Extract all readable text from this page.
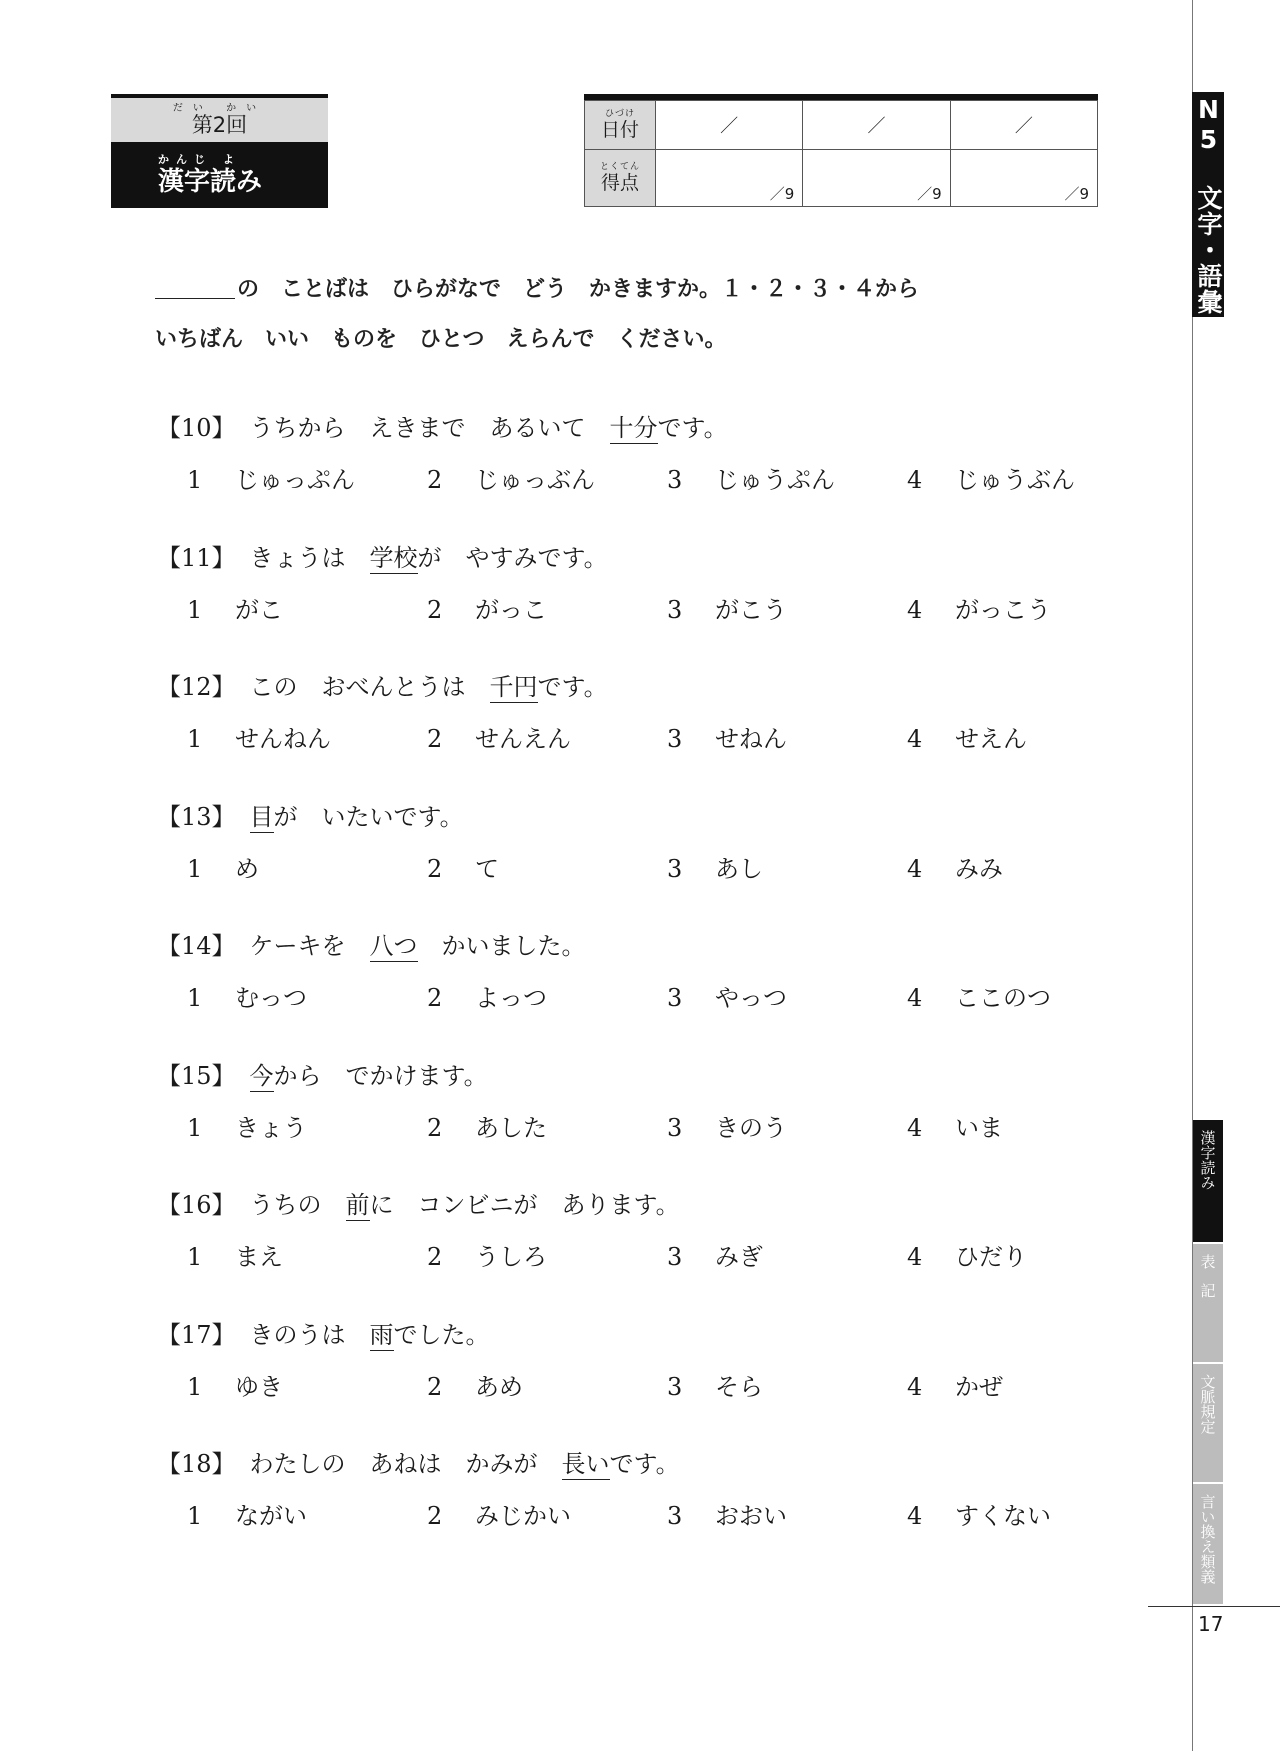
だい かい
第2回
かんじ よ
漢字読み
ひづけ
日付	／	／	／

とくてん
得点	／9	／9	／9
の　ことばは　ひらがなで　どう　かきますか。１・２・３・４から
いちばん　いい　ものを　ひとつ　えらんで　ください。
【10】 うちから　えきまで　あるいて　十分です。
1 じゅっぷん	2 じゅっぶん	3 じゅうぷん	4 じゅうぶん
【11】 きょうは　学校が　やすみです。
1 がこ	2 がっこ	3 がこう	4 がっこう
【12】 この　おべんとうは　千円です。
1 せんねん	2 せんえん	3 せねん	4 せえん
【13】 目が　いたいです。
1 め	2 て	3 あし	4 みみ
【14】 ケーキを　八つ　かいました。
1 むっつ	2 よっつ	3 やっつ	4 ここのつ
【15】 今から　でかけます。
1 きょう	2 あした	3 きのう	4 いま
【16】 うちの　前に　コンビニが　あります。
1 まえ	2 うしろ	3 みぎ	4 ひだり
【17】 きのうは　雨でした。
1 ゆき	2 あめ	3 そら	4 かぜ
【18】 わたしの　あねは　かみが　長いです。
1 ながい	2 みじかい	3 おおい	4 すくない
N5 文字・語彙
漢字読み
表記
文脈規定
言い換え類義
17
